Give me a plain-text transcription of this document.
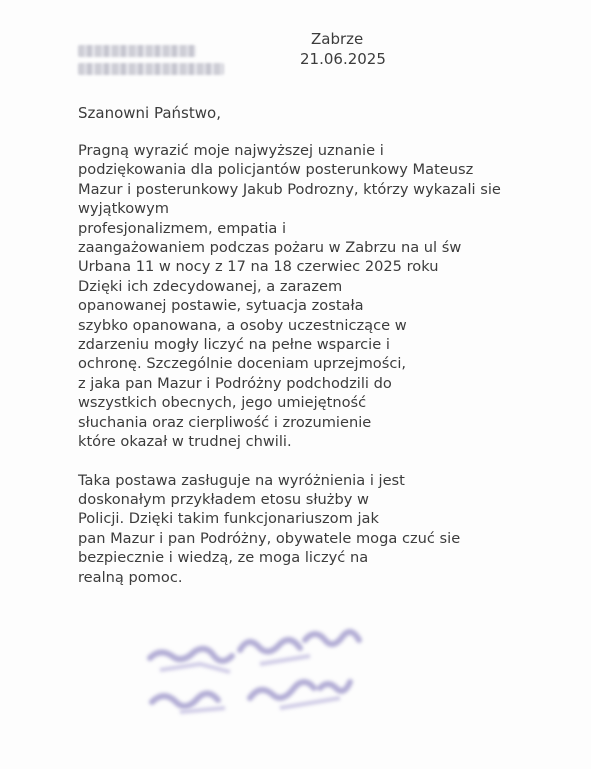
Zabrze
21.06.2025
Szanowni Państwo,
Pragną wyrazić moje najwyższej uznanie i
podziękowania dla policjantów posterunkowy Mateusz
Mazur i posterunkowy Jakub Podrozny, którzy wykazali sie
wyjątkowym
profesjonalizmem, empatia i
zaangażowaniem podczas pożaru w Zabrzu na ul św
Urbana 11 w nocy z 17 na 18 czerwiec 2025 roku
Dzięki ich zdecydowanej, a zarazem
opanowanej postawie, sytuacja została
szybko opanowana, a osoby uczestniczące w
zdarzeniu mogły liczyć na pełne wsparcie i
ochronę. Szczególnie doceniam uprzejmości,
z jaka pan Mazur i Podróżny podchodzili do
wszystkich obecnych, jego umiejętność
słuchania oraz cierpliwość i zrozumienie
które okazał w trudnej chwili.
Taka postawa zasługuje na wyróżnienia i jest
doskonałym przykładem etosu służby w
Policji. Dzięki takim funkcjonariuszom jak
pan Mazur i pan Podróżny, obywatele moga czuć sie
bezpiecznie i wiedzą, ze moga liczyć na
realną pomoc.
